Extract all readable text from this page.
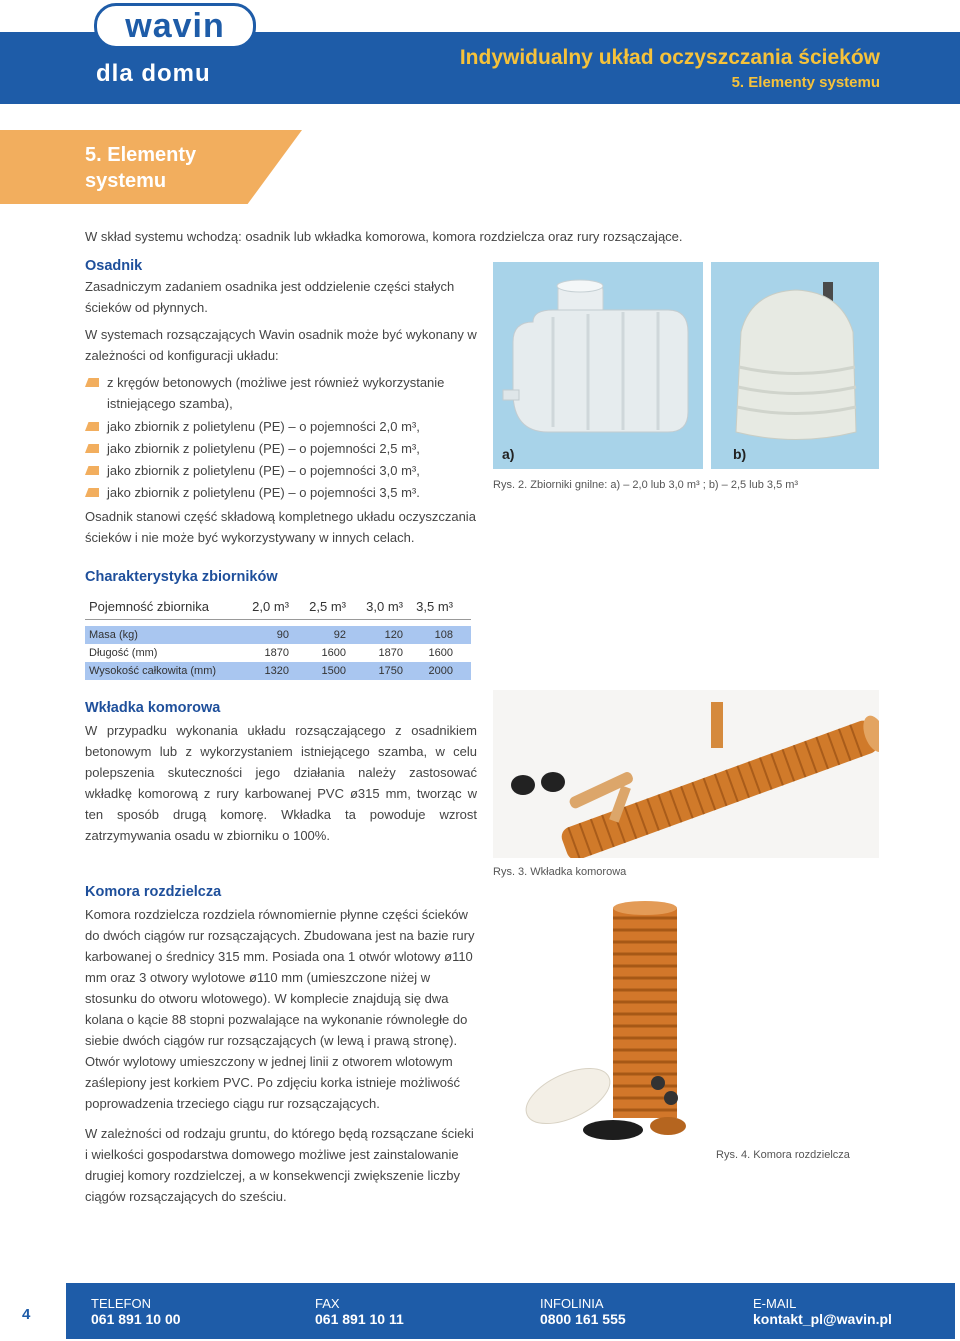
wavin
dla domu
Indywidualny układ oczyszczania ścieków
5. Elementy systemu
5. Elementy systemu

W skład systemu wchodzą: osadnik lub wkładka komorowa, komora rozdzielcza oraz rury rozsączające.

Osadnik

Zasadniczym zadaniem osadnika jest oddzielenie części stałych ścieków od płynnych.

W systemach rozsączających Wavin osadnik może być wykonany w zależności od konfiguracji układu:

z kręgów betonowych (możliwe jest również wykorzystanie istniejącego szamba),

jako zbiornik z polietylenu (PE) – o pojemności 2,0 m³,

jako zbiornik z polietylenu (PE) – o pojemności 2,5 m³,

jako zbiornik z polietylenu (PE) – o pojemności 3,0 m³,

jako zbiornik z polietylenu (PE) – o pojemności 3,5 m³.

Osadnik stanowi część składową kompletnego układu oczyszczania ścieków i nie może być wykorzystywany w innych celach.

a)	b)
Rys. 2. Zbiorniki gnilne: a) – 2,0 lub 3,0 m³ ; b) – 2,5 lub 3,5 m³
Charakterystyka zbiorników
Pojemność zbiornika	2,0 m³	2,5 m³	3,0 m³	3,5 m³
Masa (kg)	90	92	120	108
Długość (mm)	1870	1600	1870	1600
Wysokość całkowita (mm)	1320	1500	1750	2000
Wkładka komorowa

W przypadku wykonania układu rozsączającego z osadnikiem betonowym lub z wykorzystaniem istniejącego szamba, w celu polepszenia skuteczności jego działania należy zastosować wkładkę komorową z rury karbowanej PVC ø315 mm, tworząc w ten sposób drugą komorę. Wkładka ta powoduje wzrost zatrzymywania osadu w zbiorniku o 100%.

Rys. 3. Wkładka komorowa
Komora rozdzielcza

Komora rozdzielcza rozdziela równomiernie płynne części ścieków do dwóch ciągów rur rozsączających. Zbudowana jest na bazie rury karbowanej o średnicy 315 mm. Posiada ona 1 otwór wlotowy ø110 mm oraz 3 otwory wylotowe ø110 mm (umieszczone niżej w stosunku do otworu wlotowego). W komplecie znajdują się dwa kolana o kącie 88 stopni pozwalające na wykonanie równoległe do siebie dwóch ciągów rur rozsączających (w lewą i prawą stronę). Otwór wylotowy umieszczony w jednej linii z otworem wlotowym zaślepiony jest korkiem PVC. Po zdjęciu korka istnieje możliwość poprowadzenia trzeciego ciągu rur rozsączających.

W zależności od rodzaju gruntu, do którego będą rozsączane ścieki i wielkości gospodarstwa domowego możliwe jest zainstalowanie drugiej komory rozdzielczej, a w konsekwencji zwiększenie liczby ciągów rozsączających do sześciu.

Rys. 4. Komora rozdzielcza
4
TELEFON
061 891 10 00
FAX
061 891 10 11
INFOLINIA
0800 161 555
E-MAIL
kontakt_pl@wavin.pl
